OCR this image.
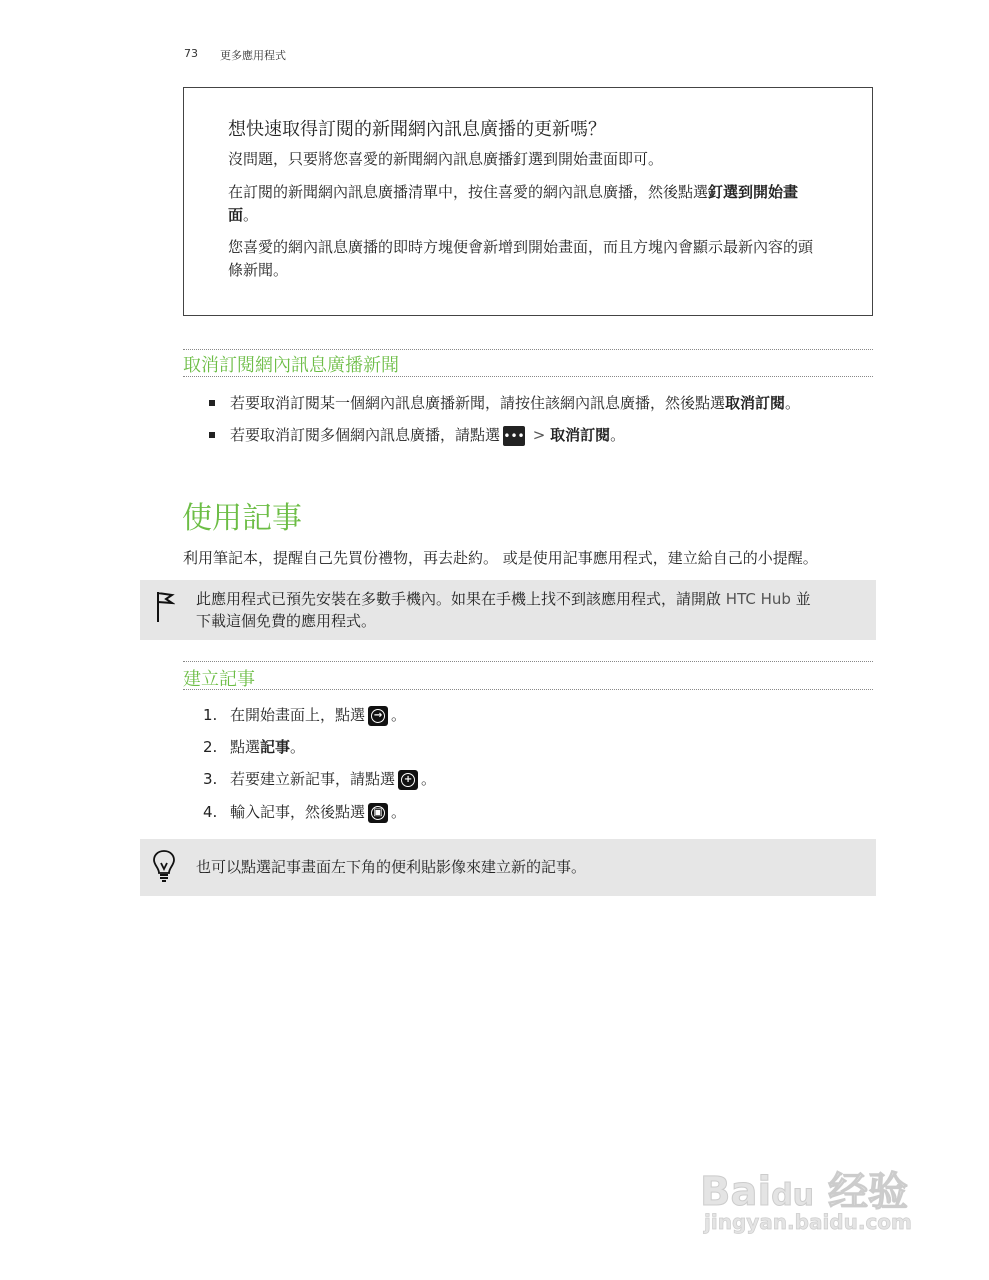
73 更多應用程式
想快速取得訂閱的新聞網內訊息廣播的更新嗎？
沒問題，只要將您喜愛的新聞網內訊息廣播釘選到開始畫面即可。
在訂閱的新聞網內訊息廣播清單中，按住喜愛的網內訊息廣播，然後點選釘選到開始畫
面。
您喜愛的網內訊息廣播的即時方塊便會新增到開始畫面，而且方塊內會顯示最新內容的頭
條新聞。
取消訂閱網內訊息廣播新聞
若要取消訂閱某一個網內訊息廣播新聞，請按住該網內訊息廣播，然後點選取消訂閱。
若要取消訂閱多個網內訊息廣播，請點選 ••• > 取消訂閱。
使用記事
利用筆記本，提醒自己先買份禮物，再去赴約。 或是使用記事應用程式，建立給自己的小提醒。
此應用程式已預先安裝在多數手機內。如果在手機上找不到該應用程式，請開啟 HTC Hub 並
下載這個免費的應用程式。
建立記事
1. 在開始畫面上，點選 → 。
2. 點選記事。
3. 若要建立新記事，請點選 + 。
4. 輸入記事，然後點選 ▣ 。
也可以點選記事畫面左下角的便利貼影像來建立新的記事。
Baidu 经验
jingyan.baidu.com
